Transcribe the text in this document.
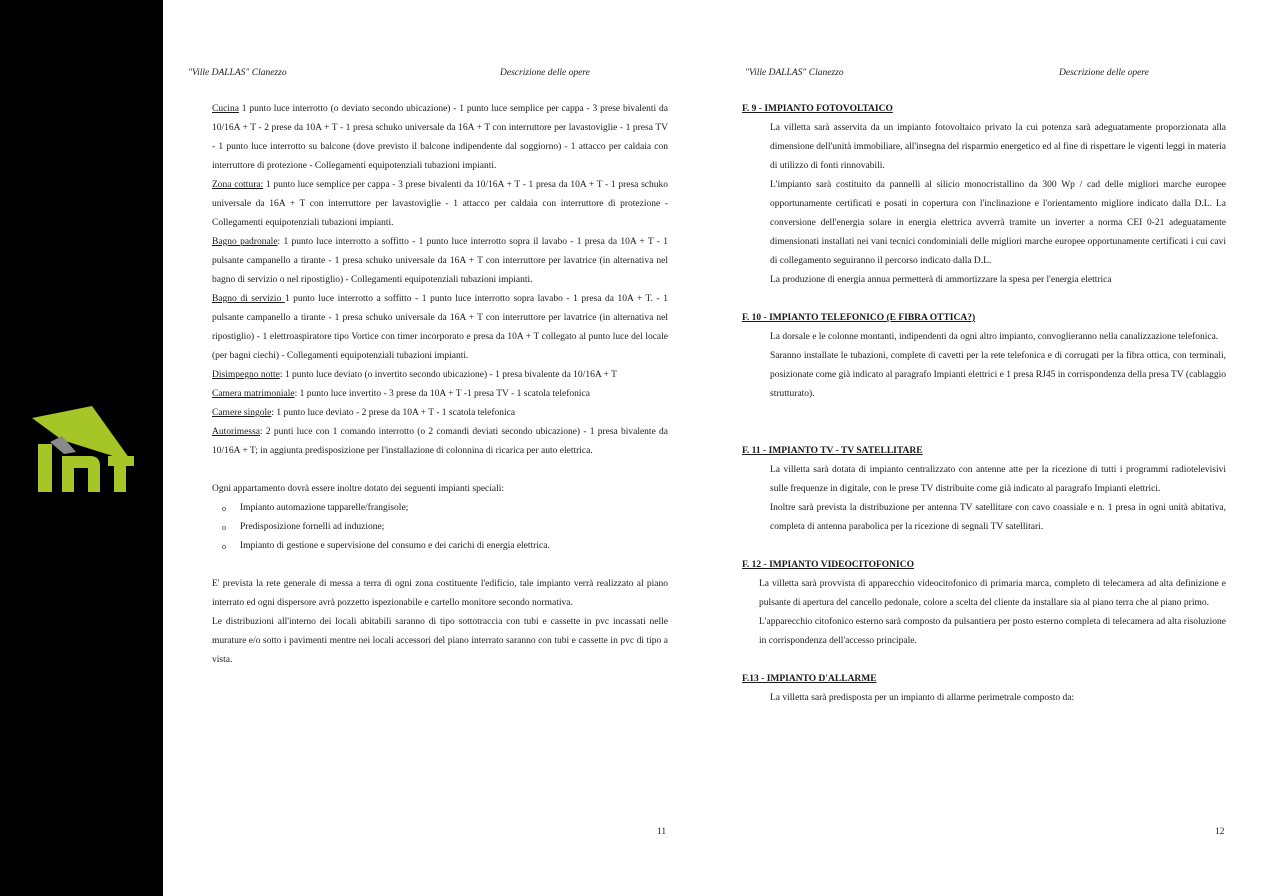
"Ville DALLAS" Clanezzo	Descrizione delle opere

Cucina 1 punto luce interrotto (o deviato secondo ubicazione) - 1 punto luce semplice per cappa - 3 prese bivalenti da 10/16A + T - 2 prese da 10A + T - 1 presa schuko universale da 16A + T con interruttore per lavastoviglie - 1 presa TV - 1 punto luce interrotto su balcone (dove previsto il balcone indipendente dal soggiorno) - 1 attacco per caldaia con interruttore di protezione - Collegamenti equipotenziali tubazioni impianti.

Zona cottura: 1 punto luce semplice per cappa - 3 prese bivalenti da 10/16A + T - 1 presa da 10A + T - 1 presa schuko universale da 16A + T con interruttore per lavastoviglie - 1 attacco per caldaia con interruttore di protezione - Collegamenti equipotenziali tubazioni impianti.

Bagno padronale: 1 punto luce interrotto a soffitto - 1 punto luce interrotto sopra il lavabo - 1 presa da 10A + T - 1 pulsante campanello a tirante - 1 presa schuko universale da 16A + T con interruttore per lavatrice (in alternativa nel bagno di servizio o nel ripostiglio) - Collegamenti equipotenziali tubazioni impianti.

Bagno di servizio 1 punto luce interrotto a soffitto - 1 punto luce interrotto sopra lavabo - 1 presa da 10A + T. - 1 pulsante campanello a tirante - 1 presa schuko universale da 16A + T con interruttore per lavatrice (in alternativa nel ripostiglio) - 1 elettroaspiratore tipo Vortice con timer incorporato e presa da 10A + T collegato al punto luce del locale (per bagni ciechi) - Collegamenti equipotenziali tubazioni impianti.

Disimpegno notte: 1 punto luce deviato (o invertito secondo ubicazione) - 1 presa bivalente da 10/16A + T

Camera matrimoniale: 1 punto luce invertito - 3 prese da 10A + T -1 presa TV - 1 scatola telefonica

Camere singole: 1 punto luce deviato - 2 prese da 10A + T - 1 scatola telefonica

Autorimessa: 2 punti luce con 1 comando interrotto (o 2 comandi deviati secondo ubicazione) - 1 presa bivalente da 10/16A + T; in aggiunta predisposizione per l'installazione di colonnina di ricarica per auto elettrica.

Ogni appartamento dovrà essere inoltre dotato dei seguenti impianti speciali:

o Impianto automazione tapparelle/frangisole;
o Predisposizione fornelli ad induzione;
o Impianto di gestione e supervisione del consumo e dei carichi di energia elettrica.

E' prevista la rete generale di messa a terra di ogni zona costituente l'edificio, tale impianto verrà realizzato al piano interrato ed ogni dispersore avrà pozzetto ispezionabile e cartello monitore secondo normativa.

Le distribuzioni all'interno dei locali abitabili saranno di tipo sottotraccia con tubi e cassette in pvc incassati nelle murature e/o sotto i pavimenti mentre nei locali accessori del piano interrato saranno con tubi e cassette in pvc di tipo a vista.

11
"Ville DALLAS" Clanezzo	Descrizione delle opere

F. 9 - IMPIANTO FOTOVOLTAICO

La villetta sarà asservita da un impianto fotovoltaico privato la cui potenza sarà adeguatamente proporzionata alla dimensione dell'unità immobiliare, all'insegna del risparmio energetico ed al fine di rispettare le vigenti leggi in materia di utilizzo di fonti rinnovabili.

L'impianto sarà costituito da pannelli al silicio monocristallino da 300 Wp / cad delle migliori marche europee opportunamente certificati e posati in copertura con l'inclinazione e l'orientamento migliore indicato dalla D.L. La conversione dell'energia solare in energia elettrica avverrà tramite un inverter a norma CEI 0-21 adeguatamente dimensionati installati nei vani tecnici condominiali delle migliori marche europee opportunamente certificati i cui cavi di collegamento seguiranno il percorso indicato dalla D.L.

La produzione di energia annua permetterà di ammortizzare la spesa per l'energia elettrica

F. 10 - IMPIANTO TELEFONICO (E FIBRA OTTICA?)

La dorsale e le colonne montanti, indipendenti da ogni altro impianto, convoglieranno nella canalizzazione telefonica.

Saranno installate le tubazioni, complete di cavetti per la rete telefonica e di corrugati per la fibra ottica, con terminali, posizionate come già indicato al paragrafo Impianti elettrici e 1 presa RJ45 in corrispondenza della presa TV (cablaggio strutturato).

F. 11 - IMPIANTO TV - TV SATELLITARE

La villetta sarà dotata di impianto centralizzato con antenne atte per la ricezione di tutti i programmi radiotelevisivi sulle frequenze in digitale, con le prese TV distribuite come già indicato al paragrafo Impianti elettrici.

Inoltre sarà prevista la distribuzione per antenna TV satellitare con cavo coassiale e n. 1 presa in ogni unità abitativa, completa di antenna parabolica per la ricezione di segnali TV satellitari.

F. 12 - IMPIANTO VIDEOCITOFONICO

La villetta sarà provvista di apparecchio videocitofonico di primaria marca, completo di telecamera ad alta definizione e pulsante di apertura del cancello pedonale, colore a scelta del cliente da installare sia al piano terra che al piano primo.

L'apparecchio citofonico esterno sarà composto da pulsantiera per posto esterno completa di telecamera ad alta risoluzione in corrispondenza dell'accesso principale.

F.13 - IMPIANTO D'ALLARME

La villetta sarà predisposta per un impianto di allarme perimetrale composto da:

12
